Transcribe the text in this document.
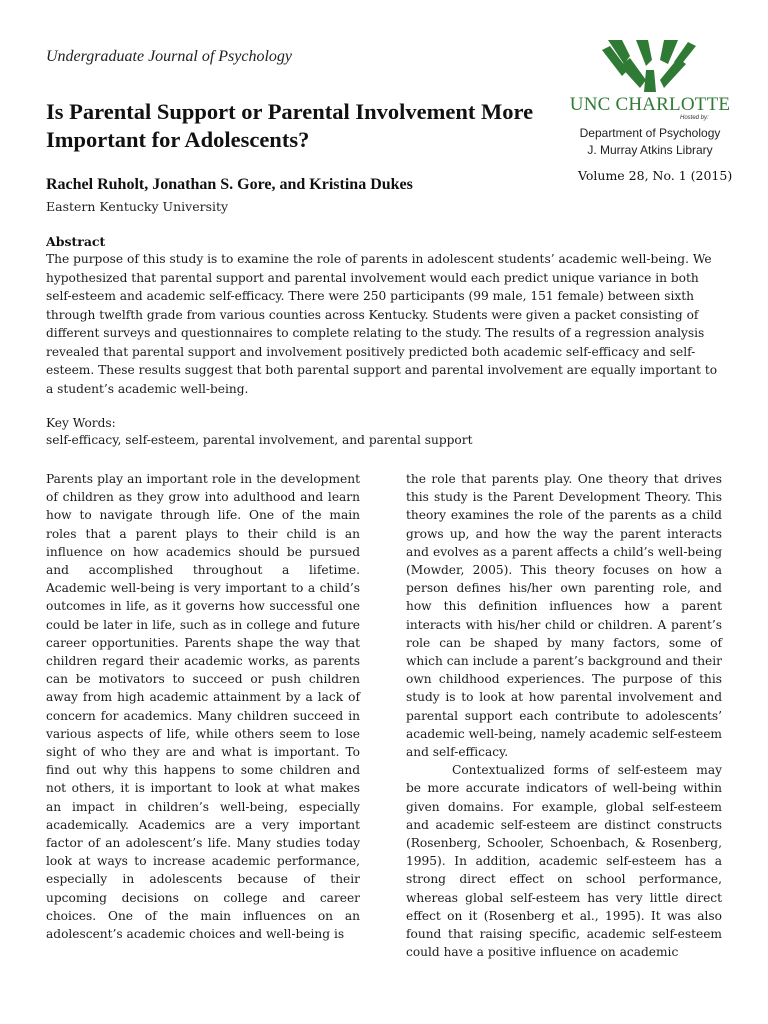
Undergraduate Journal of Psychology
Is Parental Support or Parental Involvement More Important for Adolescents?
Rachel Ruholt, Jonathan S. Gore, and Kristina Dukes
Eastern Kentucky University
UNC CHARLOTTE
Hosted by:
Department of Psychology
J. Murray Atkins Library
Volume 28, No. 1 (2015)
Abstract

The purpose of this study is to examine the role of parents in adolescent students’ academic well-being. We hypothesized that parental support and parental involvement would each predict unique variance in both self-esteem and academic self-efficacy. There were 250 participants (99 male, 151 female) between sixth through twelfth grade from various counties across Kentucky. Students were given a packet consisting of different surveys and questionnaires to complete relating to the study. The results of a regression analysis revealed that parental support and involvement positively predicted both academic self-efficacy and self-esteem. These results suggest that both parental support and parental involvement are equally important to a student’s academic well-being.

Key Words:
self-efficacy, self-esteem, parental involvement, and parental support

Parents play an important role in the development of children as they grow into adulthood and learn how to navigate through life. One of the main roles that a parent plays to their child is an influence on how academics should be pursued and accomplished throughout a lifetime. Academic well-being is very important to a child’s outcomes in life, as it governs how successful one could be later in life, such as in college and future career opportunities. Parents shape the way that children regard their academic works, as parents can be motivators to succeed or push children away from high academic attainment by a lack of concern for academics. Many children succeed in various aspects of life, while others seem to lose sight of who they are and what is important. To find out why this happens to some children and not others, it is important to look at what makes an impact in children’s well-being, especially academically. Academics are a very important factor of an adolescent’s life. Many studies today look at ways to increase academic performance, especially in adolescents because of their upcoming decisions on college and career choices. One of the main influences on an adolescent’s academic choices and well-being is

the role that parents play. One theory that drives this study is the Parent Development Theory. This theory examines the role of the parents as a child grows up, and how the way the parent interacts and evolves as a parent affects a child’s well-being (Mowder, 2005). This theory focuses on how a person defines his/her own parenting role, and how this definition influences how a parent interacts with his/her child or children. A parent’s role can be shaped by many factors, some of which can include a parent’s background and their own childhood experiences. The purpose of this study is to look at how parental involvement and parental support each contribute to adolescents’ academic well-being, namely academic self-esteem and self-efficacy.

Contextualized forms of self-esteem may be more accurate indicators of well-being within given domains. For example, global self-esteem and academic self-esteem are distinct constructs (Rosenberg, Schooler, Schoenbach, & Rosenberg, 1995). In addition, academic self-esteem has a strong direct effect on school performance, whereas global self-esteem has very little direct effect on it (Rosenberg et al., 1995). It was also found that raising specific, academic self-esteem could have a positive influence on academic
